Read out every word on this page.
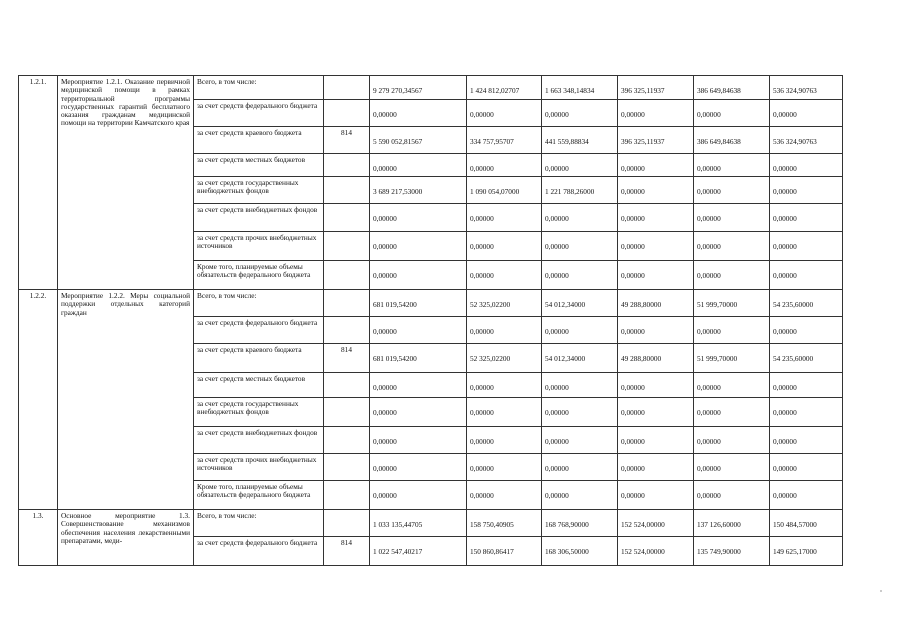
1.2.1.	Мероприятие 1.2.1. Оказание первичной медицинской помощи в рамках территориальной программы государственных гарантий бесплатного оказания гражданам медицинской помощи на территории Камчатского края	Всего, в том числе:		9 279 270,34567	1 424 812,02707	1 663 348,14834	396 325,11937	386 649,84638	536 324,90763

		за счет средств федерального бюджета		0,00000	0,00000	0,00000	0,00000	0,00000	0,00000

		за счет средств краевого бюджета	814	5 590 052,81567	334 757,95707	441 559,88834	396 325,11937	386 649,84638	536 324,90763

		за счет средств местных бюджетов		0,00000	0,00000	0,00000	0,00000	0,00000	0,00000

		за счет средств государственных внебюджетных фондов		3 689 217,53000	1 090 054,07000	1 221 788,26000	0,00000	0,00000	0,00000

		за счет средств внебюджетных фондов		0,00000	0,00000	0,00000	0,00000	0,00000	0,00000

		за счет средств прочих внебюджетных источников		0,00000	0,00000	0,00000	0,00000	0,00000	0,00000

		Кроме того, планируемые объемы обязательств федерального бюджета		0,00000	0,00000	0,00000	0,00000	0,00000	0,00000

1.2.2.	Мероприятие 1.2.2. Меры социальной поддержки отдельных категорий граждан	Всего, в том числе:		681 019,54200	52 325,02200	54 012,34000	49 288,80000	51 999,70000	54 235,60000

		за счет средств федерального бюджета		0,00000	0,00000	0,00000	0,00000	0,00000	0,00000

		за счет средств краевого бюджета	814	681 019,54200	52 325,02200	54 012,34000	49 288,80000	51 999,70000	54 235,60000

		за счет средств местных бюджетов		0,00000	0,00000	0,00000	0,00000	0,00000	0,00000

		за счет средств государственных внебюджетных фондов		0,00000	0,00000	0,00000	0,00000	0,00000	0,00000

		за счет средств внебюджетных фондов		0,00000	0,00000	0,00000	0,00000	0,00000	0,00000

		за счет средств прочих внебюджетных источников		0,00000	0,00000	0,00000	0,00000	0,00000	0,00000

		Кроме того, планируемые объемы обязательств федерального бюджета		0,00000	0,00000	0,00000	0,00000	0,00000	0,00000

1.3.	Основное мероприятие 1.3. Совершенствование механизмов обеспечения населения лекарственными препаратами, меди-	Всего, в том числе:		1 033 135,44705	158 750,40905	168 768,90000	152 524,00000	137 126,60000	150 484,57000

		за счет средств федерального бюджета	814	1 022 547,40217	150 860,86417	168 306,50000	152 524,00000	135 749,90000	149 625,17000
